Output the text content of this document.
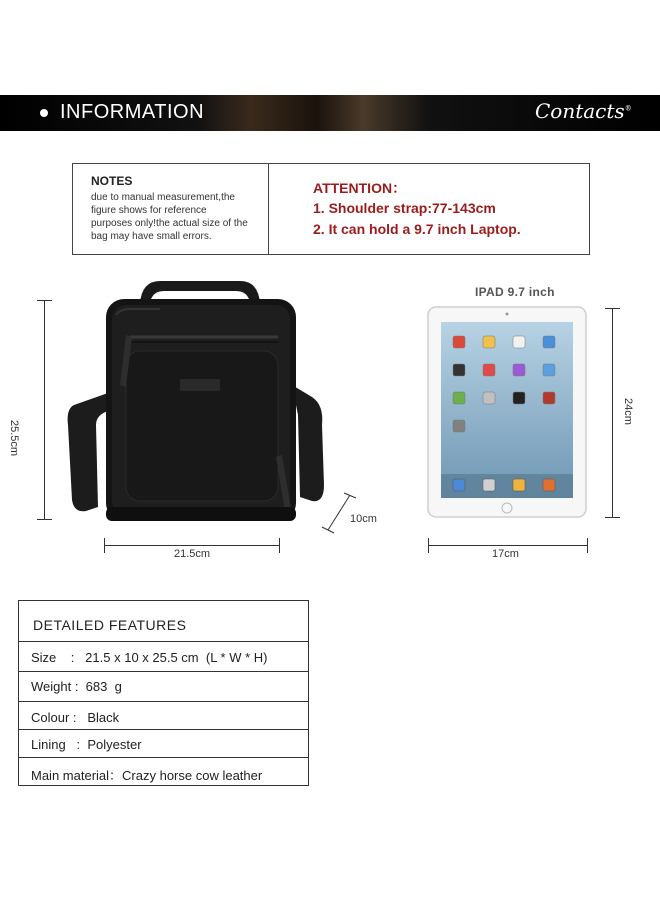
INFORMATION	Contacts®
NOTES
due to manual measurement,the
figure shows for reference
purposes only!the actual size of the
bag may have small errors.
ATTENTION：
1. Shoulder strap:77-143cm
2. It can hold a 9.7 inch Laptop.
25.5cm
21.5cm
10cm
IPAD 9.7 inch
24cm
17cm
DETAILED FEATURES
Size    :   21.5 x 10 x 25.5 cm  (L * W * H)
Weight :  683  g
Colour :   Black
Lining   :  Polyester
Main material：Crazy horse cow leather
